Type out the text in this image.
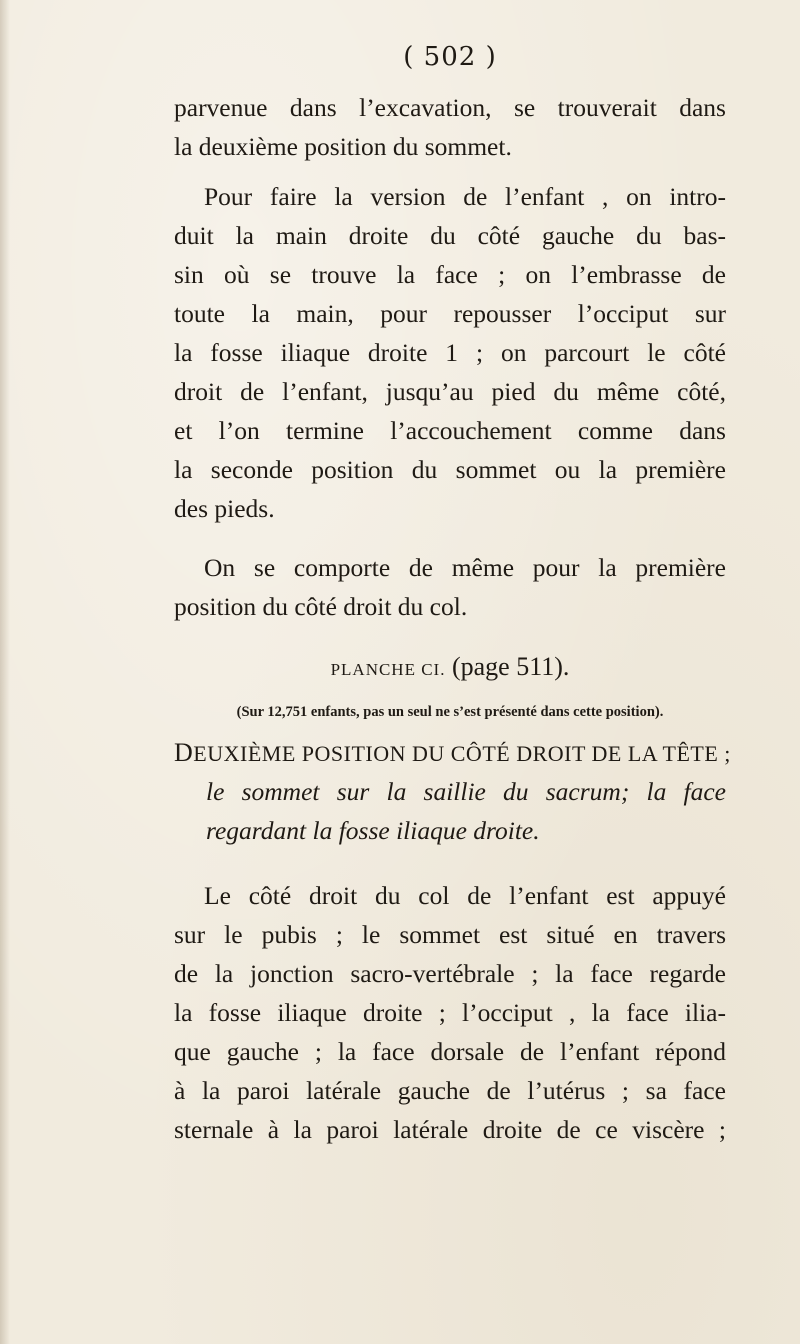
( 502 )
parvenue dans l’excavation, se trouverait dans
la deuxième position du sommet.
Pour faire la version de l’enfant , on intro-
duit la main droite du côté gauche du bas-
sin où se trouve la face ; on l’embrasse de
toute la main, pour repousser l’occiput sur
la fosse iliaque droite 1 ; on parcourt le côté
droit de l’enfant, jusqu’au pied du même côté,
et l’on termine l’accouchement comme dans
la seconde position du sommet ou la première
des pieds.
On se comporte de même pour la première
position du côté droit du col.
PLANCHE CI. (page 511).
(Sur 12,751 enfants, pas un seul ne s’est présenté dans cette position).
DEUXIÈME POSITION DU CÔTÉ DROIT DE LA TÊTE ;
le sommet sur la saillie du sacrum; la face
regardant la fosse iliaque droite.
Le côté droit du col de l’enfant est appuyé
sur le pubis ; le sommet est situé en travers
de la jonction sacro-vertébrale ; la face regarde
la fosse iliaque droite ; l’occiput , la face ilia-
que gauche ; la face dorsale de l’enfant répond
à la paroi latérale gauche de l’utérus ; sa face
sternale à la paroi latérale droite de ce viscère ;
